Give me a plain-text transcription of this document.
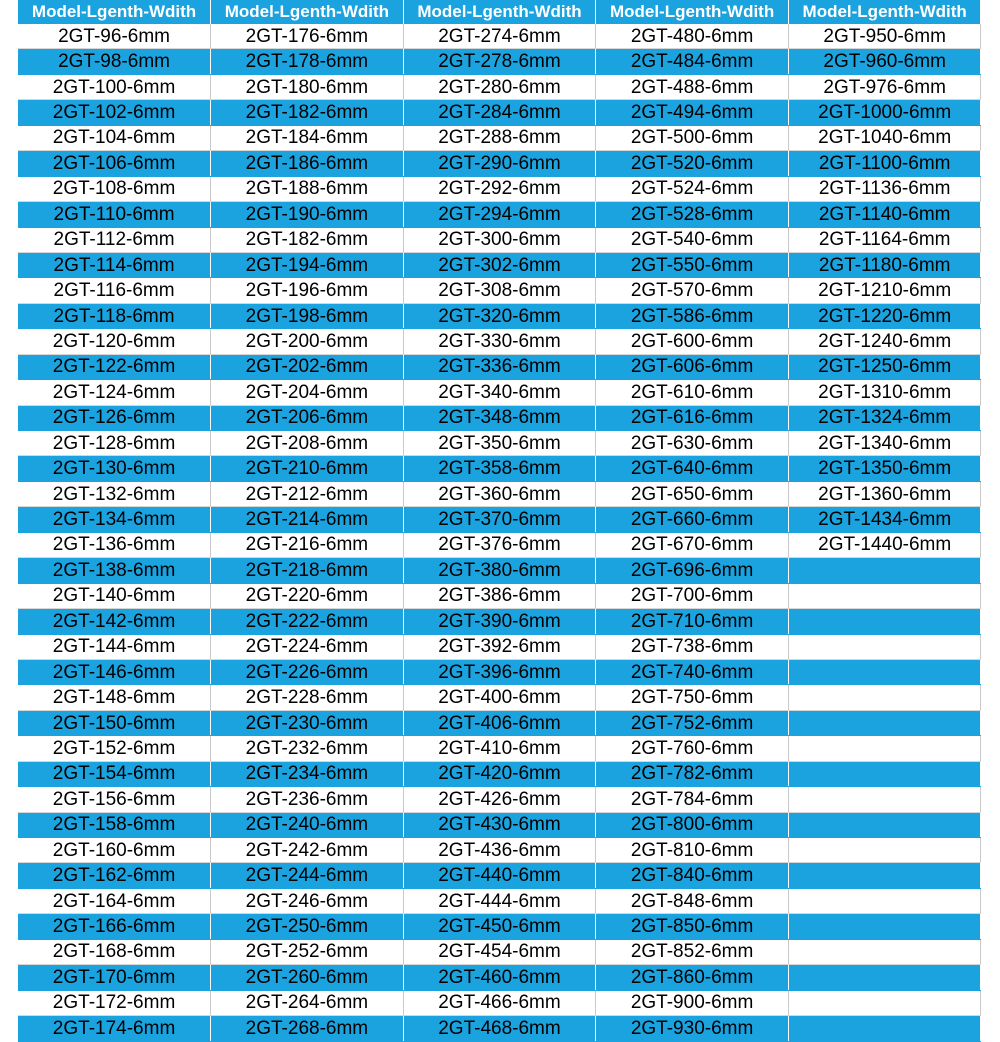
Model-Lgenth-Wdith	Model-Lgenth-Wdith	Model-Lgenth-Wdith	Model-Lgenth-Wdith	Model-Lgenth-Wdith
2GT-96-6mm	2GT-176-6mm	2GT-274-6mm	2GT-480-6mm	2GT-950-6mm
2GT-98-6mm	2GT-178-6mm	2GT-278-6mm	2GT-484-6mm	2GT-960-6mm
2GT-100-6mm	2GT-180-6mm	2GT-280-6mm	2GT-488-6mm	2GT-976-6mm
2GT-102-6mm	2GT-182-6mm	2GT-284-6mm	2GT-494-6mm	2GT-1000-6mm
2GT-104-6mm	2GT-184-6mm	2GT-288-6mm	2GT-500-6mm	2GT-1040-6mm
2GT-106-6mm	2GT-186-6mm	2GT-290-6mm	2GT-520-6mm	2GT-1100-6mm
2GT-108-6mm	2GT-188-6mm	2GT-292-6mm	2GT-524-6mm	2GT-1136-6mm
2GT-110-6mm	2GT-190-6mm	2GT-294-6mm	2GT-528-6mm	2GT-1140-6mm
2GT-112-6mm	2GT-182-6mm	2GT-300-6mm	2GT-540-6mm	2GT-1164-6mm
2GT-114-6mm	2GT-194-6mm	2GT-302-6mm	2GT-550-6mm	2GT-1180-6mm
2GT-116-6mm	2GT-196-6mm	2GT-308-6mm	2GT-570-6mm	2GT-1210-6mm
2GT-118-6mm	2GT-198-6mm	2GT-320-6mm	2GT-586-6mm	2GT-1220-6mm
2GT-120-6mm	2GT-200-6mm	2GT-330-6mm	2GT-600-6mm	2GT-1240-6mm
2GT-122-6mm	2GT-202-6mm	2GT-336-6mm	2GT-606-6mm	2GT-1250-6mm
2GT-124-6mm	2GT-204-6mm	2GT-340-6mm	2GT-610-6mm	2GT-1310-6mm
2GT-126-6mm	2GT-206-6mm	2GT-348-6mm	2GT-616-6mm	2GT-1324-6mm
2GT-128-6mm	2GT-208-6mm	2GT-350-6mm	2GT-630-6mm	2GT-1340-6mm
2GT-130-6mm	2GT-210-6mm	2GT-358-6mm	2GT-640-6mm	2GT-1350-6mm
2GT-132-6mm	2GT-212-6mm	2GT-360-6mm	2GT-650-6mm	2GT-1360-6mm
2GT-134-6mm	2GT-214-6mm	2GT-370-6mm	2GT-660-6mm	2GT-1434-6mm
2GT-136-6mm	2GT-216-6mm	2GT-376-6mm	2GT-670-6mm	2GT-1440-6mm
2GT-138-6mm	2GT-218-6mm	2GT-380-6mm	2GT-696-6mm	
2GT-140-6mm	2GT-220-6mm	2GT-386-6mm	2GT-700-6mm	
2GT-142-6mm	2GT-222-6mm	2GT-390-6mm	2GT-710-6mm	
2GT-144-6mm	2GT-224-6mm	2GT-392-6mm	2GT-738-6mm	
2GT-146-6mm	2GT-226-6mm	2GT-396-6mm	2GT-740-6mm	
2GT-148-6mm	2GT-228-6mm	2GT-400-6mm	2GT-750-6mm	
2GT-150-6mm	2GT-230-6mm	2GT-406-6mm	2GT-752-6mm	
2GT-152-6mm	2GT-232-6mm	2GT-410-6mm	2GT-760-6mm	
2GT-154-6mm	2GT-234-6mm	2GT-420-6mm	2GT-782-6mm	
2GT-156-6mm	2GT-236-6mm	2GT-426-6mm	2GT-784-6mm	
2GT-158-6mm	2GT-240-6mm	2GT-430-6mm	2GT-800-6mm	
2GT-160-6mm	2GT-242-6mm	2GT-436-6mm	2GT-810-6mm	
2GT-162-6mm	2GT-244-6mm	2GT-440-6mm	2GT-840-6mm	
2GT-164-6mm	2GT-246-6mm	2GT-444-6mm	2GT-848-6mm	
2GT-166-6mm	2GT-250-6mm	2GT-450-6mm	2GT-850-6mm	
2GT-168-6mm	2GT-252-6mm	2GT-454-6mm	2GT-852-6mm	
2GT-170-6mm	2GT-260-6mm	2GT-460-6mm	2GT-860-6mm	
2GT-172-6mm	2GT-264-6mm	2GT-466-6mm	2GT-900-6mm	
2GT-174-6mm	2GT-268-6mm	2GT-468-6mm	2GT-930-6mm	
